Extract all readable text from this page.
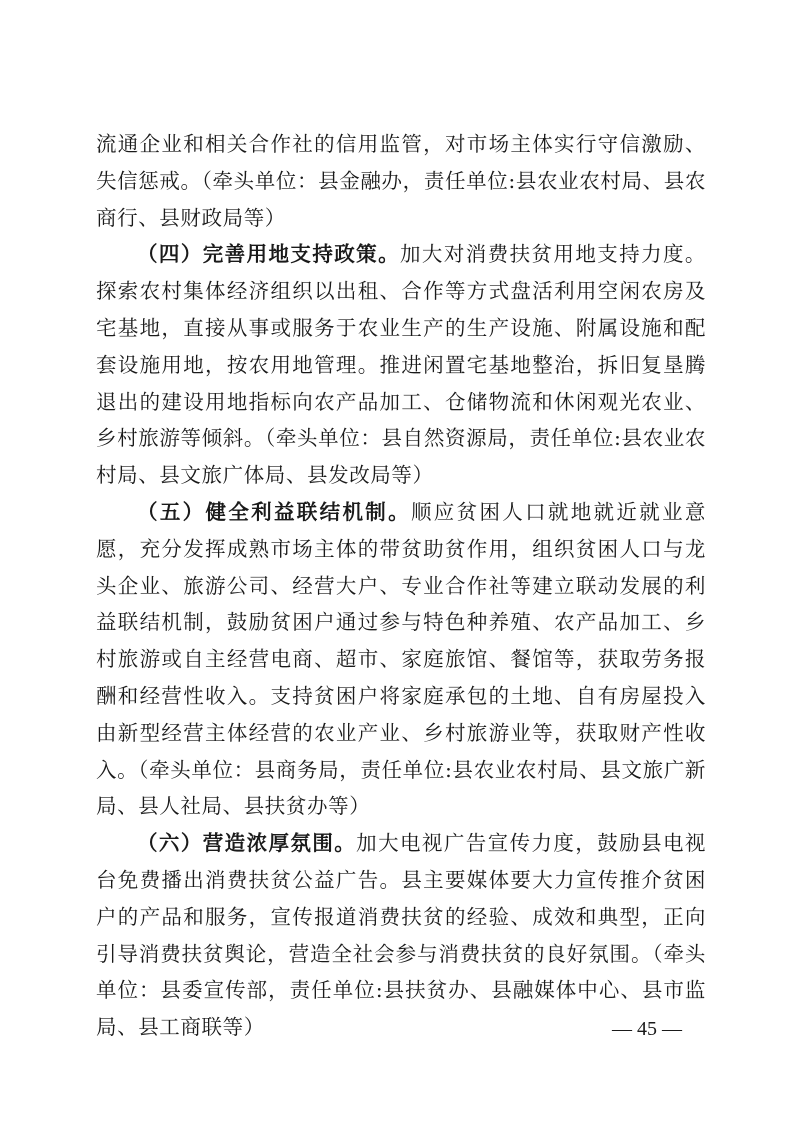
流通企业和相关合作社的信用监管，对市场主体实行守信激励、失信惩戒。（牵头单位：县金融办，责任单位:县农业农村局、县农商行、县财政局等）

（四）完善用地支持政策。加大对消费扶贫用地支持力度。探索农村集体经济组织以出租、合作等方式盘活利用空闲农房及宅基地，直接从事或服务于农业生产的生产设施、附属设施和配套设施用地，按农用地管理。推进闲置宅基地整治，拆旧复垦腾退出的建设用地指标向农产品加工、仓储物流和休闲观光农业、乡村旅游等倾斜。（牵头单位：县自然资源局，责任单位:县农业农村局、县文旅广体局、县发改局等）

（五）健全利益联结机制。顺应贫困人口就地就近就业意愿，充分发挥成熟市场主体的带贫助贫作用，组织贫困人口与龙头企业、旅游公司、经营大户、专业合作社等建立联动发展的利益联结机制，鼓励贫困户通过参与特色种养殖、农产品加工、乡村旅游或自主经营电商、超市、家庭旅馆、餐馆等，获取劳务报酬和经营性收入。支持贫困户将家庭承包的土地、自有房屋投入由新型经营主体经营的农业产业、乡村旅游业等，获取财产性收入。（牵头单位：县商务局，责任单位:县农业农村局、县文旅广新局、县人社局、县扶贫办等）

（六）营造浓厚氛围。加大电视广告宣传力度，鼓励县电视台免费播出消费扶贫公益广告。县主要媒体要大力宣传推介贫困户的产品和服务，宣传报道消费扶贫的经验、成效和典型，正向引导消费扶贫舆论，营造全社会参与消费扶贫的良好氛围。（牵头单位：县委宣传部，责任单位:县扶贫办、县融媒体中心、县市监局、县工商联等）	— 45 —
